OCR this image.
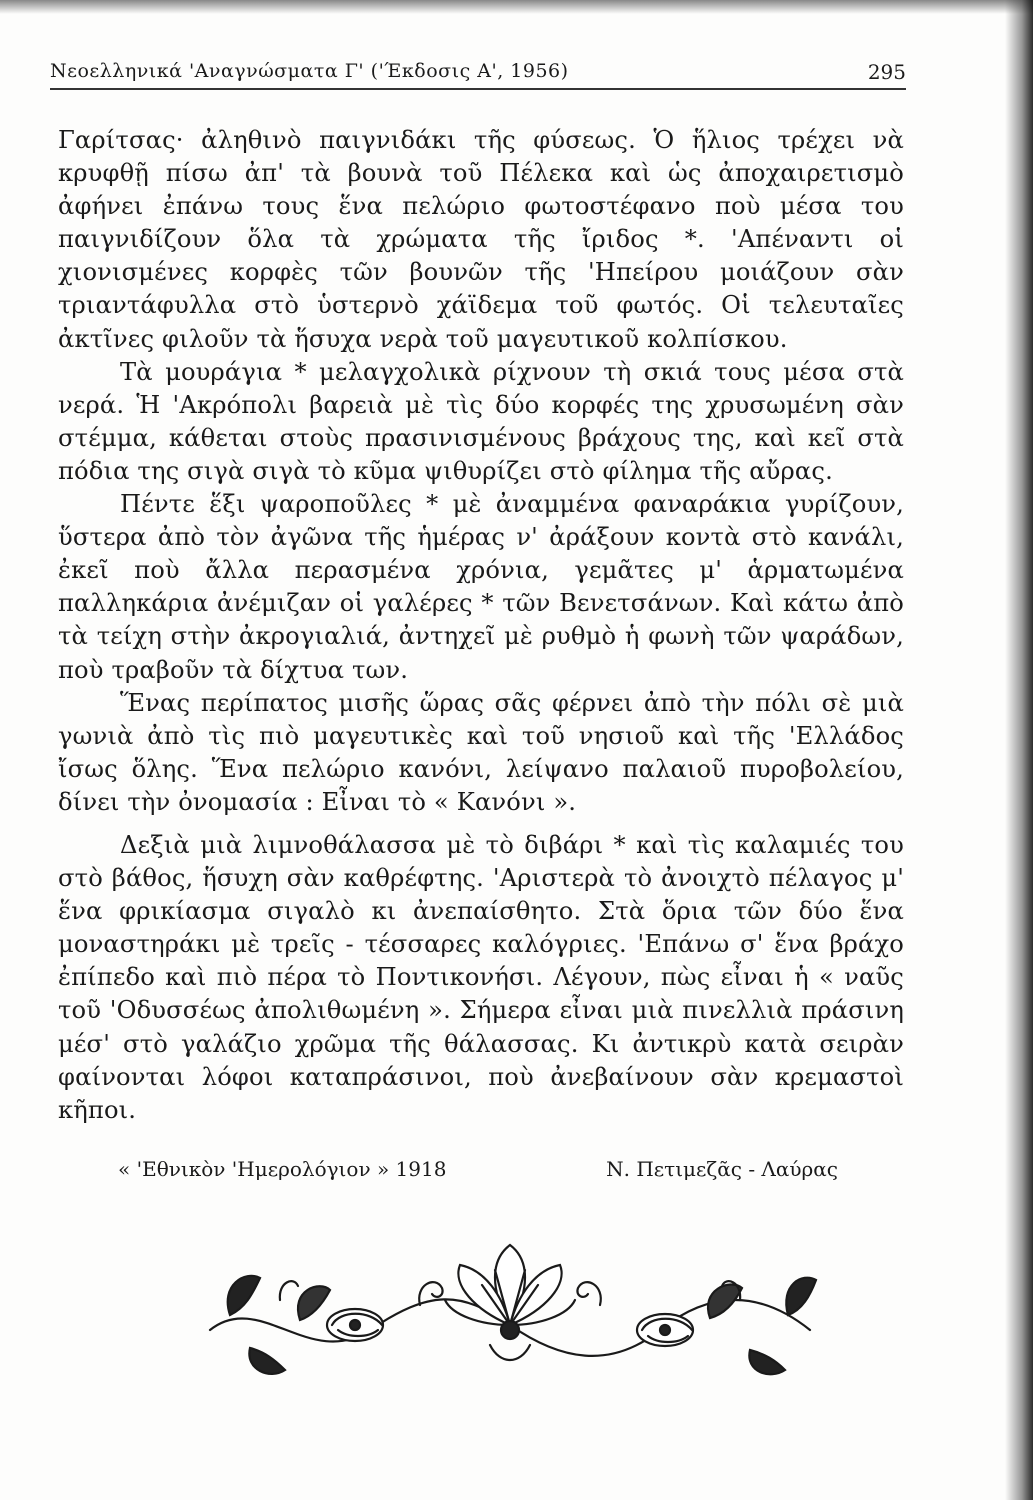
Νεοελληνικά 'Αναγνώσματα Γ' ('Έκδοσις Α', 1956)	295

Γαρίτσας· ἀληθινὸ παιγνιδάκι τῆς φύσεως. Ὁ ἥλιος τρέχει νὰ κρυφθῇ πίσω ἀπ' τὰ βουνὰ τοῦ Πέλεκα καὶ ὡς ἀποχαιρετισμὸ ἀφήνει ἐπάνω τους ἕνα πελώριο φωτοστέφανο ποὺ μέσα του παιγνιδίζουν ὅλα τὰ χρώματα τῆς ἴριδος *. 'Απέναντι οἱ χιονισμένες κορφὲς τῶν βουνῶν τῆς 'Ηπείρου μοιάζουν σὰν τριαντάφυλλα στὸ ὑστερνὸ χάϊδεμα τοῦ φωτός. Οἱ τελευταῖες ἀκτῖνες φιλοῦν τὰ ἥσυχα νερὰ τοῦ μαγευτικοῦ κολπίσκου.

Τὰ μουράγια * μελαγχολικὰ ρίχνουν τὴ σκιά τους μέσα στὰ νερά. Ἡ 'Ακρόπολι βαρειὰ μὲ τὶς δύο κορφές της χρυσωμένη σὰν στέμμα, κάθεται στοὺς πρασινισμένους βράχους της, καὶ κεῖ στὰ πόδια της σιγὰ σιγὰ τὸ κῦμα ψιθυρίζει στὸ φίλημα τῆς αὔρας.

Πέντε ἕξι ψαροποῦλες * μὲ ἀναμμένα φαναράκια γυρίζουν, ὕστερα ἀπὸ τὸν ἀγῶνα τῆς ἡμέρας ν' ἀράξουν κοντὰ στὸ κανάλι, ἐκεῖ ποὺ ἄλλα περασμένα χρόνια, γεμᾶτες μ' ἁρματωμένα παλληκάρια ἀνέμιζαν οἱ γαλέρες * τῶν Βενετσάνων. Καὶ κάτω ἀπὸ τὰ τείχη στὴν ἀκρογιαλιά, ἀντηχεῖ μὲ ρυθμὸ ἡ φωνὴ τῶν ψαράδων, ποὺ τραβοῦν τὰ δίχτυα των.

Ἕνας περίπατος μισῆς ὥρας σᾶς φέρνει ἀπὸ τὴν πόλι σὲ μιὰ γωνιὰ ἀπὸ τὶς πιὸ μαγευτικὲς καὶ τοῦ νησιοῦ καὶ τῆς 'Ελλάδος ἴσως ὅλης. Ἕνα πελώριο κανόνι, λείψανο παλαιοῦ πυροβολείου, δίνει τὴν ὀνομασία : Εἶναι τὸ « Κανόνι ».

Δεξιὰ μιὰ λιμνοθάλασσα μὲ τὸ διβάρι * καὶ τὶς καλαμιές του στὸ βάθος, ἥσυχη σὰν καθρέφτης. 'Αριστερὰ τὸ ἀνοιχτὸ πέλαγος μ' ἕνα φρικίασμα σιγαλὸ κι ἀνεπαίσθητο. Στὰ ὅρια τῶν δύο ἕνα μοναστηράκι μὲ τρεῖς - τέσσαρες καλόγριες. 'Επάνω σ' ἕνα βράχο ἐπίπεδο καὶ πιὸ πέρα τὸ Ποντικονήσι. Λέγουν, πὼς εἶναι ἡ « ναῦς τοῦ 'Οδυσσέως ἀπολιθωμένη ». Σήμερα εἶναι μιὰ πινελλιὰ πράσινη μέσ' στὸ γαλάζιο χρῶμα τῆς θάλασσας. Κι ἀντικρὺ κατὰ σειρὰν φαίνονται λόφοι καταπράσινοι, ποὺ ἀνεβαίνουν σὰν κρεμαστοὶ κῆποι.

« 'Εθνικὸν 'Ημερολόγιον » 1918	Ν. Πετιμεζᾶς - Λαύρας
